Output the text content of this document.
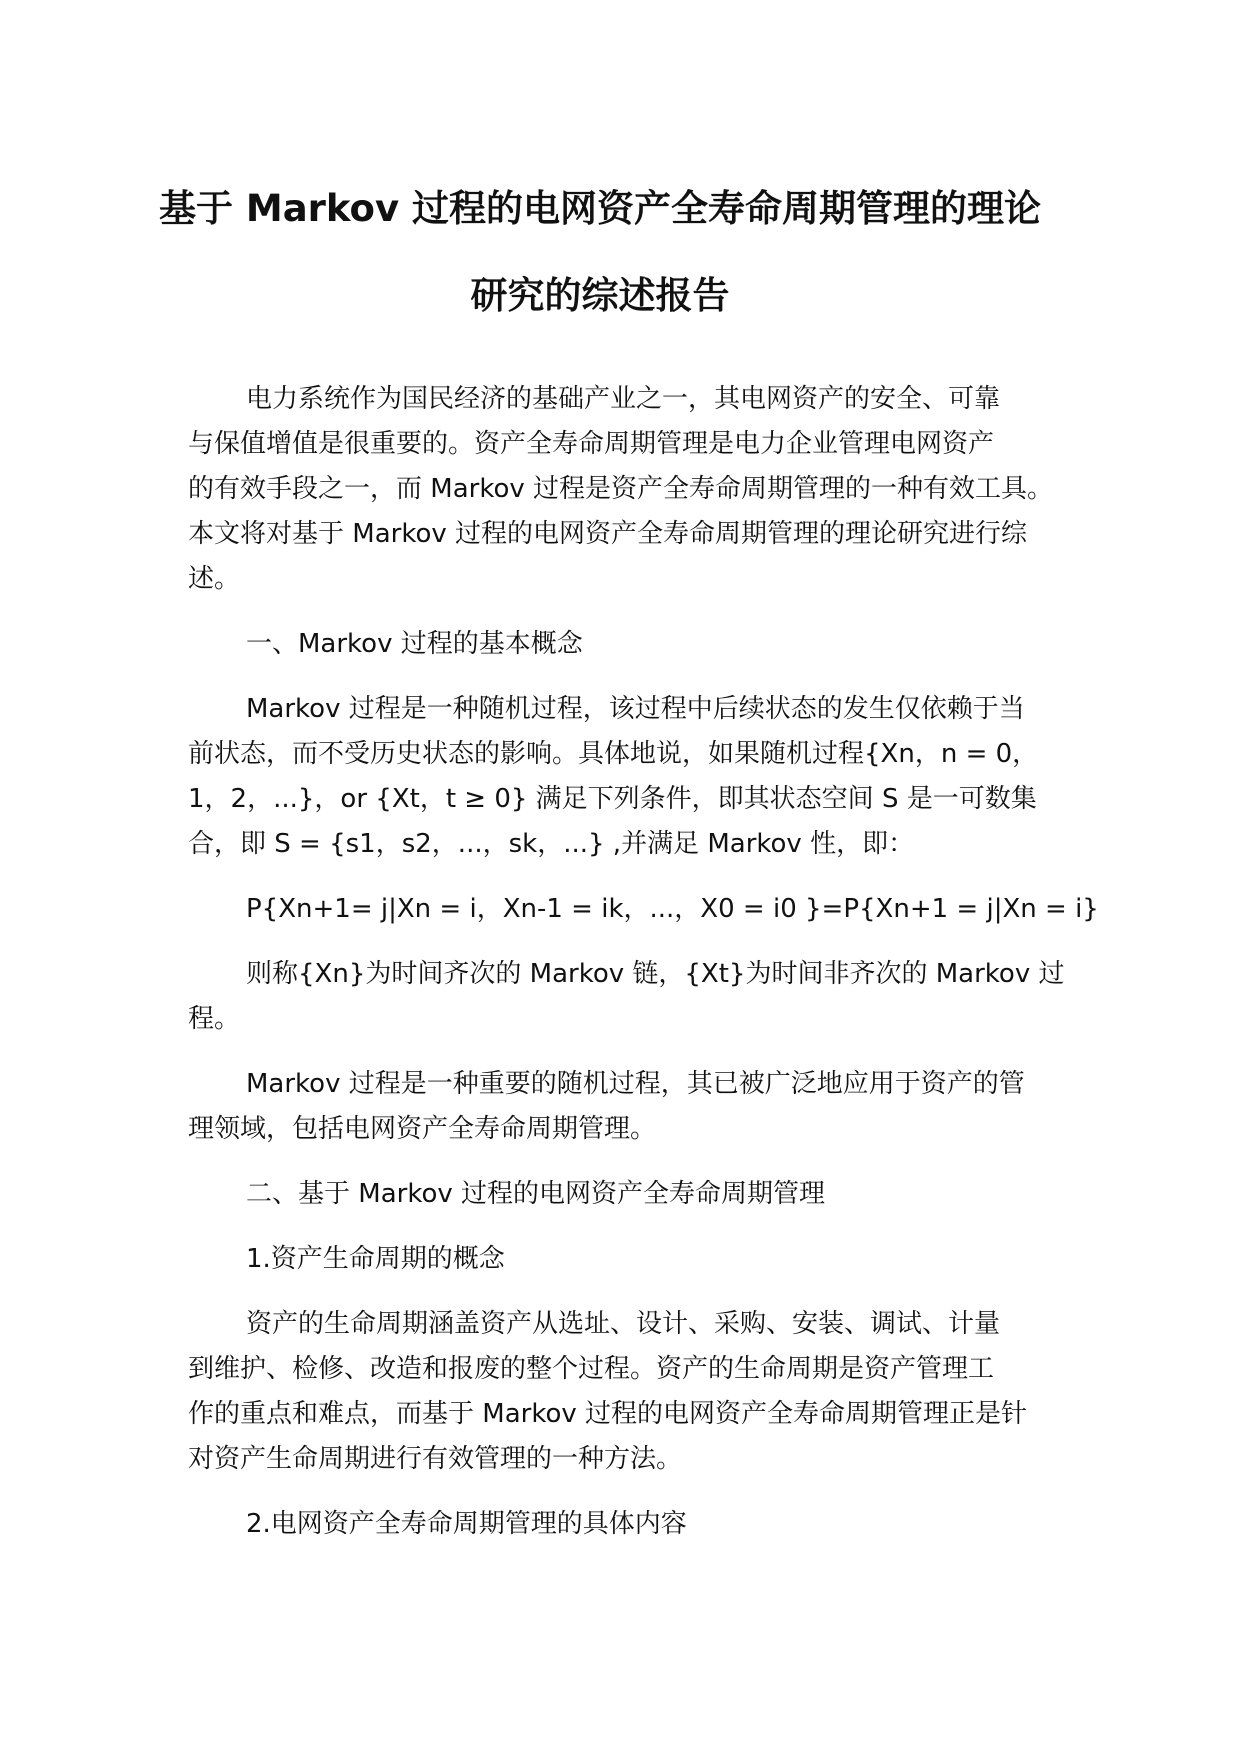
基于 Markov 过程的电网资产全寿命周期管理的理论
研究的综述报告

电力系统作为国民经济的基础产业之一，其电网资产的安全、可靠

与保值增值是很重要的。资产全寿命周期管理是电力企业管理电网资产

的有效手段之一，而 Markov 过程是资产全寿命周期管理的一种有效工具。

本文将对基于 Markov 过程的电网资产全寿命周期管理的理论研究进行综

述。

一、Markov 过程的基本概念

Markov 过程是一种随机过程，该过程中后续状态的发生仅依赖于当

前状态，而不受历史状态的影响。具体地说，如果随机过程{Xn，n = 0，

1，2，...}，or {Xt，t ≥ 0} 满足下列条件，即其状态空间 S 是一可数集

合，即 S = {s1，s2，...，sk，...} ,并满足 Markov 性，即：

P{Xn+1= j|Xn = i，Xn-1 = ik，...，X0 = i0 }=P{Xn+1 = j|Xn = i}

则称{Xn}为时间齐次的 Markov 链，{Xt}为时间非齐次的 Markov 过

程。

Markov 过程是一种重要的随机过程，其已被广泛地应用于资产的管

理领域，包括电网资产全寿命周期管理。

二、基于 Markov 过程的电网资产全寿命周期管理

1.资产生命周期的概念

资产的生命周期涵盖资产从选址、设计、采购、安装、调试、计量

到维护、检修、改造和报废的整个过程。资产的生命周期是资产管理工

作的重点和难点，而基于 Markov 过程的电网资产全寿命周期管理正是针

对资产生命周期进行有效管理的一种方法。

2.电网资产全寿命周期管理的具体内容
